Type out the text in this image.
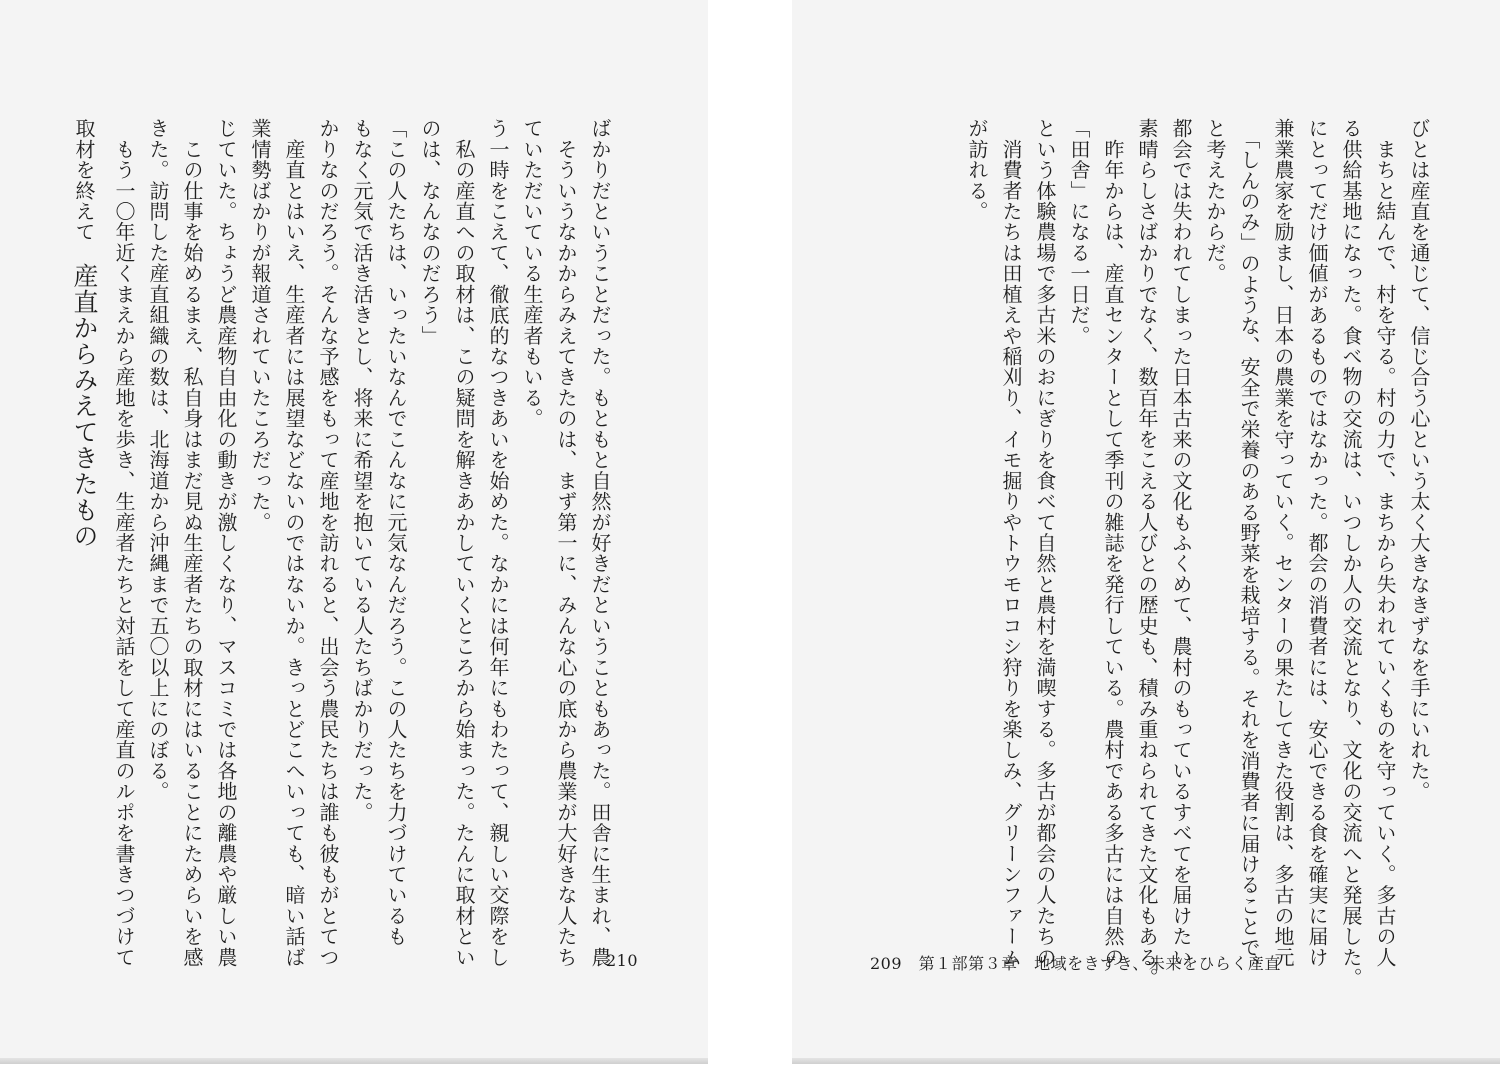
ばかりだということだった。もともと自然が好きだということもあった。田舎に生まれ、農
　そういうなかからみえてきたのは、まず第一に、みんな心の底から農業が大好きな人たち
ていただいている生産者もいる。
う一時をこえて、徹底的なつきあいを始めた。なかには何年にもわたって、親しい交際をし
　私の産直への取材は、この疑問を解きあかしていくところから始まった。たんに取材とい
のは、なんなのだろう」
「この人たちは、いったいなんでこんなに元気なんだろう。この人たちを力づけているも
もなく元気で活き活きとし、将来に希望を抱いている人たちばかりだった。
かりなのだろう。そんな予感をもって産地を訪れると、出会う農民たちは誰も彼もがとてつ
　産直とはいえ、生産者には展望などないのではないか。きっとどこへいっても、暗い話ば
業情勢ばかりが報道されていたころだった。
じていた。ちょうど農産物自由化の動きが激しくなり、マスコミでは各地の離農や厳しい農
　この仕事を始めるまえ、私自身はまだ見ぬ生産者たちの取材にはいることにためらいを感
きた。訪問した産直組織の数は、北海道から沖縄まで五〇以上にのぼる。
　もう一〇年近くまえから産地を歩き、生産者たちと対話をして産直のルポを書きつづけて
取材を終えて　産直からみえてきたもの
210
びとは産直を通じて、信じ合う心という太く大きなきずなを手にいれた。
　まちと結んで、村を守る。村の力で、まちから失われていくものを守っていく。多古の人
る供給基地になった。食べ物の交流は、いつしか人の交流となり、文化の交流へと発展した。
にとってだけ価値があるものではなかった。都会の消費者には、安心できる食を確実に届け
兼業農家を励まし、日本の農業を守っていく。センターの果たしてきた役割は、多古の地元
　「しんのみ」のような、安全で栄養のある野菜を栽培する。それを消費者に届けることで、
と考えたからだ。
都会では失われてしまった日本古来の文化もふくめて、農村のもっているすべてを届けたい
素晴らしさばかりでなく、数百年をこえる人びとの歴史も、積み重ねられてきた文化もある。
　昨年からは、産直センターとして季刊の雑誌を発行している。農村である多古には自然の
「田舎」になる一日だ。
という体験農場で多古米のおにぎりを食べて自然と農村を満喫する。多古が都会の人たちの
　消費者たちは田植えや稲刈り、イモ掘りやトウモロコシ狩りを楽しみ、グリーンファーム
が訪れる。
209　 第１部第３章　地域をきずき、未来をひらく産直
